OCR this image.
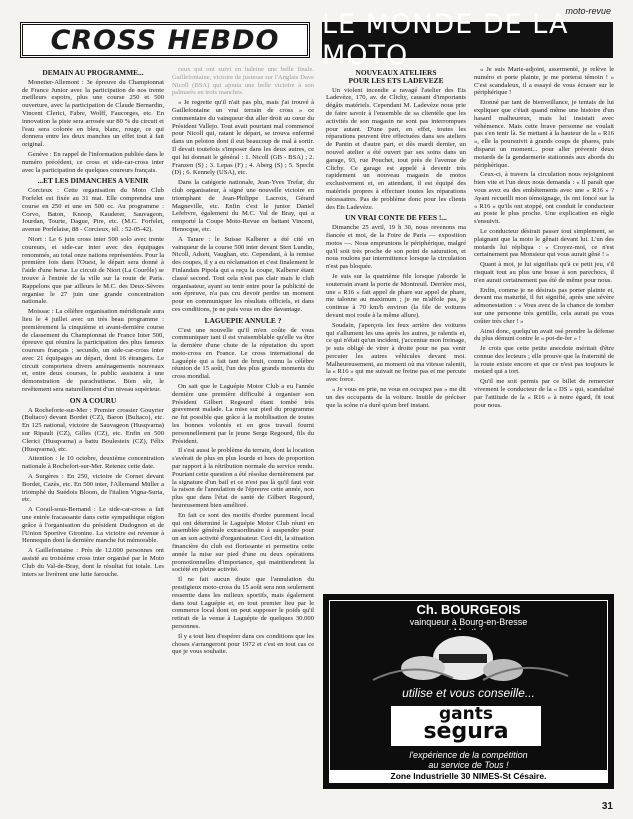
moto-revue
CROSS HEBDO	LE MONDE DE LA MOTO
DEMAIN AU PROGRAMME...

Monetier-Allemont : 3e épreuve du Championnat de France Junior avec la participation de nos trente meilleurs espoirs, plus une course 250 et 500 ouverture, avec la participation de Claude Bernardin, Vincent Clerici, Fabre, Wolff, Faucorges, etc. En innovation la piste sera arrosée sur 80 % du circuit et l'eau sera colorée en bleu, blanc, rouge, ce qui donnera entre les deux manches un effet tout à fait original.

Genève : En rappel de l'information publiée dans le numéro précédent, ce cross et side-car-cross inter avec la participation de quelques coureurs français.

...ET LES DIMANCHES A VENIR

Corcieux : Cette organisation du Moto Club Forfelet est fixée au 31 mai. Elle comprendra une course en 250 et une en 500 cc. Au programme : Corvo, Baton, Knoop, Kauderer, Sauvageon, Jourdan, Tourte, Dague, Pire, etc. (M.C. Forfelet, avenue Porfelaise, 88 - Corcieux, tél. : 52-05-42).

Niort : Le 6 juin cross inter 500 solo avec trente coureurs, et side-car inter avec des équipages renommés, au total onze nations représentées. Pour la première fois dans l'Ouest, le départ sera donné à l'aide d'une herse. Le circuit de Niort (La Courôle) se trouve à l'entrée de la ville sur la route de Paris. Rappelons que par ailleurs le M.C. des Deux-Sèvres organise le 27 juin une grande concentration nationale.

Moissac : La célèbre organisation méridionale aura lieu le 4 juillet avec un très beau programme : premièrement la cinquième et avant-dernière course de classement du Championnat de France Inter 500, épreuve qui réunira la participation des plus fameux coureurs français ; secundo, un side-car-cross inter avec 21 équipages au départ, dont 16 étrangers. Le circuit comportera divers aménagements nouveaux et, entre deux courses, le public assistera à une démonstration de parachutisme. Bien sûr, le revêtement sera naturellement d'un niveau supérieur.

ON A COURU

A Rocheforte-sur-Mer : Premier crossier Gouyrier (Bultaco) devant Bordet (CZ), Baron (Bultaco), etc. En 125 national, victoire de Sauvageon (Husqvarna) sur Ripault (CZ), Gilles (CZ), etc. Enfin en 500 Clerici (Husqvarna) a battu Boulesteix (CZ), Félix (Husqvarna), etc.

Attention : le 10 octobre, deuxième concentration nationale à Rochefort-sur-Mer. Retenez cette date.

A Surgères : En 250, victoire de Cornet devant Bordet, Cazès, etc. En 500 inter, l'Allemand Müller a triomphé du Suédois Bloom, de l'italien Vigna-Suria, etc.

A Corail-sous-Bernand : Le side-car-cross a fait une entrée fracassante dans cette sympathique région grâce à l'organisation du président Dudognon et de l'Union Sportive Gironine. La victoire est revenue à Hennequin dont la dernière manche fut mémorable.

A Gaillefontaine : Près de 12.000 personnes ont assisté au troisième cross inter organisé par le Moto Club du Val-de-Bray, dont le résultat fut totale. Les inters se livrèrent une lutte farouche.

ceux qui ont suivi en haleine une belle finale. Gaillefontaine, victoire de justesse sur l'Anglais Dave Nicoll (BSA) qui ajouta une belle victoire à son palmarès en trois manches.

« Je regrette qu'il n'ait pas plu, mais j'ai trouvé à Gaillefontaine un vrai terrain de cross » ce commentaire du vainqueur dut aller droit au cœur du Président Vallejo. Tout avait pourtant mal commencé pour Nicoll qui, ratant le départ, se trouva enfermé dans un peloton dont il eut beaucoup de mal à sortir. Il devait toutefois s'imposer dans les deux autres, ce qui lui donnait le général : 1. Nicoll (GB - BSA) ; 2. Franzen (S) ; 3. Lepas (F) ; 4. Aberg (S) ; 5. Specht (D) ; 6. Kennely (USA), etc.

Dans la catégorie nationale, Jean-Yves Trefar, du club organisateur, à signé une nouvelle victoire en triomphant de Jean-Philippe Lacroix, Gérard Magneville, etc. Enfin c'est le junior Daniel Lefebvre, également du M.C. Val de Bray, qui a remporté la Coupe Moto-Revue en battant Vincent, Henocque, etc.

A Tarare : le Suisse Kalberer a été cité en vainqueur de la course 500 inter devant Sten Lundin, Nicoll, Adsett, Vaughan, etc. Cependant, à la remise des coupes, il y a eu réclamation et c'est finalement le Finlandais Pipola qui a reçu la coupe, Kalberer étant classé second. Tout cela n'est pas clair mais le club organisateur, ayant su tenir entre pour la publicité de son épreuve, n'a pas cru devoir perdre un moment pour en communiquer les résultats officiels, et dans ces conditions, je ne puis vous en dire davantage.

LAGUEPIE ANNULE ?

C'est une nouvelle qu'il m'en coûte de vous communiquer tant il est vraisemblable qu'elle va être la dernière d'une chute de la réputation du sport moto-cross en France. Le cross international de Laguépie qui a fait tant de bruit, connu la célèbre réunion de 15 août, l'un des plus grands moments du cross mondial.

On sait que le Laguépie Motor Club a eu l'année dernière une première difficulté à organiser son Président Gilbert Regourd étant tombé très gravement malade. La mise sur pied du programme ne fut possible que grâce à la mobilisation de toutes les bonnes volontés et en gros travail fourni personnellement par le jeune Serge Regourd, fils du Président.

Il s'est aussi le problème du terrain, dont la location s'avérait de plus en plus lourde et hors de proportion par rapport à la rétribution normale du service rendu. Pourtant cette question a été résolue dernièrement par la signature d'un bail et ce n'est pas là qu'il faut voir la raison de l'annulation de l'épreuve cette année, non plus que dans l'état de santé de Gilbert Regourd, heureusement bien amélioré.

En fait ce sont des motifs d'ordre purement local qui ont déterminé le Laguépie Motor Club réuni en assemblée générale extraordinaire à suspendre pour un an son activité d'organisateur. Ceci dit, la situation financière du club est florissante et permettra cette année la mise sur pied d'une ou deux opérations promotionnelles d'importance, qui maintiendront la société en pleine activité.

Il ne fait aucun doute que l'annulation du prestigieux moto-cross du 15 août sera non seulement ressentie dans les milieux sportifs, mais également dans tout Laguépie et, en tout premier lieu par le commerce local dont on peut supposer le poids qu'il retirait de la venue à Laguépie de quelques 30.000 personnes.

Il y a tout lieu d'espérer dans ces conditions que les choses s'arrangeront pour 1972 et c'est en tout cas ce que je vous souhaite.

NOUVEAUX ATELIERS
POUR LES ETS LADEVEZE

Un violent incendie a ravagé l'atelier des Ets Ladevèze, 170, av. de Clichy, causant d'importants dégâts matériels. Cependant M. Ladevèze nous prie de faire savoir à l'ensemble de sa clientèle que les activités de son magasin ne sont pas interrompues pour autant. D'une part, en effet, toutes les réparations peuvent être effectuées dans ses ateliers de Pantin et d'autre part, et dès mardi dernier, un nouvel atelier a été ouvert par ses soins dans un garage, 93, rue Pouchet, tout près de l'avenue de Clichy. Ce garage est appelé à devenir très rapidement un nouveau magasin de motos exclusivement et, en attendant, il est équipé des matériels propres à effectuer toutes les réparations nécessaires. Pas de problème donc pour les clients des Ets Ladevèze.

UN VRAI CONTE DE FEES !...

Dimanche 25 avril, 19 h 30, nous revenons ma fiancée et moi, de la Foire de Paris — exposition motos —. Nous empruntons le périphérique, malgré qu'il soit très proche de son point de saturation, et nous roulons par intermittence lorsque la circulation n'est pas bloquée.

Je suis sur la quatrième file lorsque j'aborde le souterrain avant la porte de Montreuil. Derrière moi, une « R16 » fait appel de phare sur appel de phare, me talonne au maximum ; je ne m'affole pas, je continue à 70 km/h environ (la file de voitures devant moi roule à la même allure).

Soudain, j'aperçois les feux arrière des voitures qui s'allument les uns après les autres, je ralentis et, ce qui n'était qu'un incident, j'accentue mon freinage, je suis obligé de virer à droite pour ne pas venir percuter les autres véhicules devant moi. Malheureusement, au moment où ma vitesse ralentit, la « R16 » qui me suivait ne freine pas et me percute avec force.

« Je vous en prie, ne vous en occupez pas » me dit un des occupants de la voiture. Inutile de préciser que la scène n'a duré qu'un bref instant.

« Je suis Marie-adjoint, assermenté, je relève le numéro et porte plainte, je me porterai témoin ! » C'est scandaleux, il a essayé de vous écraser sur le périphérique !

Etonné par tant de bienveillance, je tentais de lui expliquer que c'était quand même une histoire d'un hasard malheureux, mais lui insistait avec véhémence. Mais cette brave personne ne voulait pas s'en tenir là. Se mettant à la hauteur de la « R16 », elle la poursuivit à grands coups de phares, puis disparut un moment... pour aller prévenir deux motards de la gendarmerie stationnés aux abords du périphérique.

Ceux-ci, à travers la circulation nous rejoignirent bien vite et l'un deux nous demanda : « Il paraît que vous avez eu des embêtements avec une « R16 » ? Ayant recueilli mon témoignage, ils ont foncé sur la « R16 » qu'ils ont stoppé, ont conduit le conducteur au poste le plus proche. Une explication en règle s'ensuivit.

Le conducteur désirait passer tout simplement, se plaignant que la moto le gênait devant lui. L'un des motards lui répliqua : « Croyez-moi, ce n'est certainement pas Monsieur qui vous aurait gêné ! »

Quant à moi, je lui signifiais qu'à ce petit jeu, s'il risquait tout au plus une bosse à son parechocs, il n'en aurait certainement pas été de même pour nous.

Enfin, comme je ne désirais pas porter plainte et, devant ma maturité, il fut signifié, après une sévère admonestation : « Vous avez de la chance de tomber sur une personne très gentille, cela aurait pu vous coûter très cher ! »

Ainsi donc, quelqu'un avait osé prendre la défense du plus démuni contre le « pot-de-fer » !

Je crois que cette petite anecdote méritait d'être connue des lecteurs ; elle prouve que la fraternité de la route existe encore et que ce n'est pas toujours le motard qui a tort.

Qu'il me soit permis par ce billet de remercier vivement le conducteur de la « DS » qui, scandalisé par l'attitude de la « R16 » à notre égard, fit tout pour nous.

Ch. BOURGEOIS
vainqueur à Bourg-en-Bresse
utilise et vous conseille...
gants
segura
l'expérience de la compétition
au service de Tous !
Zone Industrielle 30 NIMES-St Césaire.
31
